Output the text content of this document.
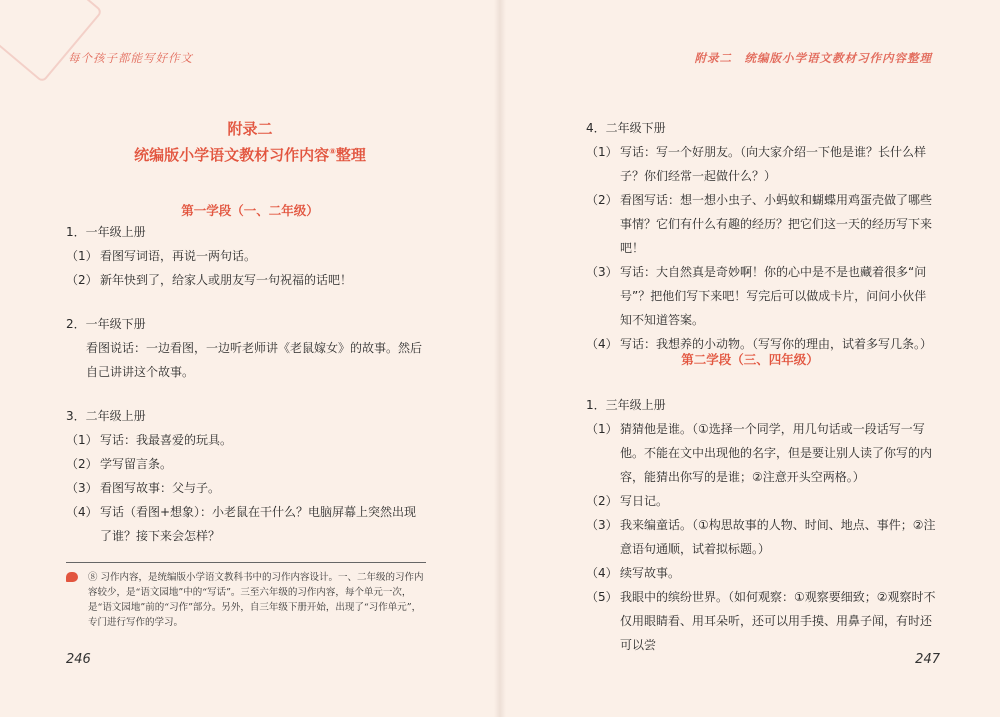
每个孩子都能写好作文
附录二
统编版小学语文教材习作内容⑧整理
第一学段（一、二年级）
1．一年级上册
（1） 看图写词语，再说一两句话。
（2） 新年快到了，给家人或朋友写一句祝福的话吧！
2．一年级下册
看图说话：一边看图，一边听老师讲《老鼠嫁女》的故事。然后自己讲讲这个故事。
3．二年级上册
（1） 写话：我最喜爱的玩具。
（2） 学写留言条。
（3） 看图写故事：父与子。
（4） 写话（看图+想象）：小老鼠在干什么？电脑屏幕上突然出现了谁？接下来会怎样？
⑧ 习作内容，是统编版小学语文教科书中的习作内容设计。一、二年级的习作内容较少，是“语文园地”中的“写话”。三至六年级的习作内容，每个单元一次，是“语文园地”前的“习作”部分。另外，自三年级下册开始，出现了“习作单元”，专门进行写作的学习。
246
附录二　统编版小学语文教材习作内容整理
4．二年级下册
（1） 写话：写一个好朋友。（向大家介绍一下他是谁？长什么样子？你们经常一起做什么？）
（2） 看图写话：想一想小虫子、小蚂蚁和蝴蝶用鸡蛋壳做了哪些事情？它们有什么有趣的经历？把它们这一天的经历写下来吧！
（3） 写话：大自然真是奇妙啊！你的心中是不是也藏着很多“问号”？把他们写下来吧！写完后可以做成卡片，问问小伙伴知不知道答案。
（4） 写话：我想养的小动物。（写写你的理由，试着多写几条。）
第二学段（三、四年级）
1．三年级上册
（1） 猜猜他是谁。（①选择一个同学，用几句话或一段话写一写他。不能在文中出现他的名字，但是要让别人读了你写的内容，能猜出你写的是谁；②注意开头空两格。）
（2） 写日记。
（3） 我来编童话。（①构思故事的人物、时间、地点、事件；②注意语句通顺，试着拟标题。）
（4） 续写故事。
（5） 我眼中的缤纷世界。（如何观察：①观察要细致；②观察时不仅用眼睛看、用耳朵听，还可以用手摸、用鼻子闻，有时还可以尝
247
